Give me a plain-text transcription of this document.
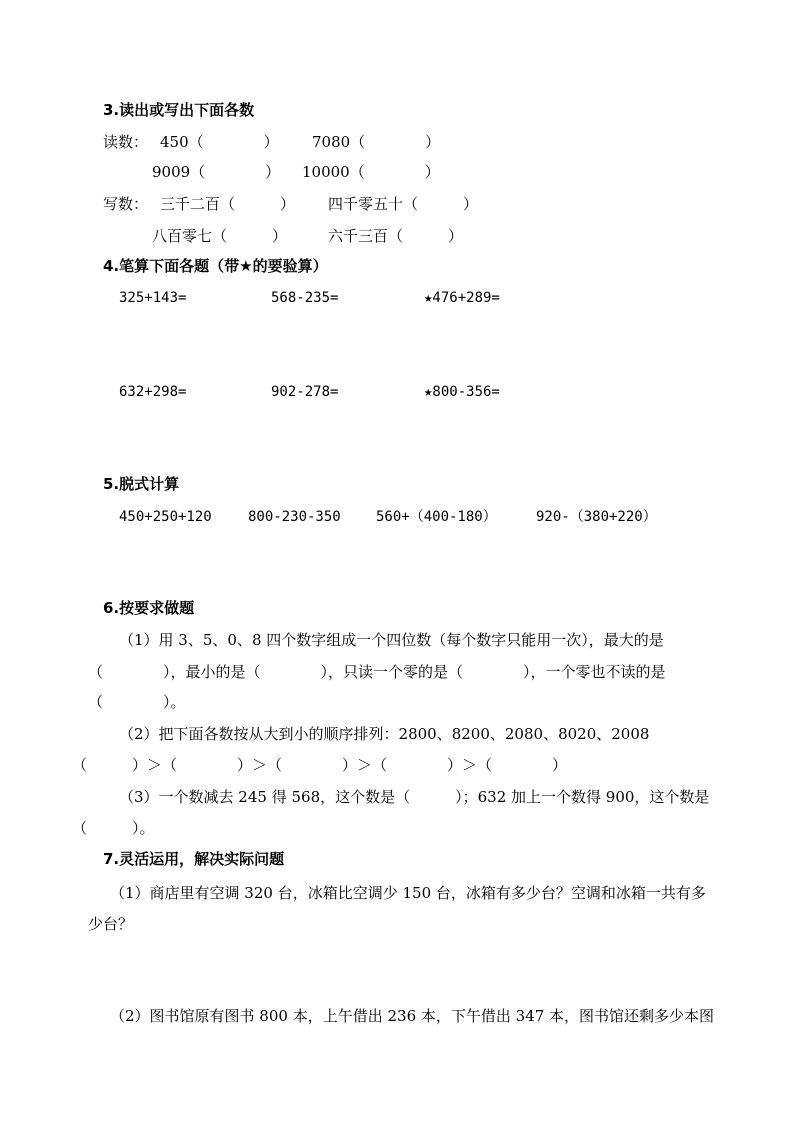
3.读出或写出下面各数
读数： 450（　　　　） 7080（　　　　）
9009（　　　　） 10000（　　　　）
写数： 三千二百（　　　） 四千零五十（　　　）
八百零七（　　　）	六千三百（　　　）
4.笔算下面各题（带★的要验算）
325+143=	568-235=	★476+289=
632+298=	902-278=	★800-356=
5.脱式计算
450+250+120	800-230-350	560+（400-180）	920-（380+220）
6.按要求做题
（1）用 3、5、0、8 四个数字组成一个四位数（每个数字只能用一次），最大的是
（　　　　），最小的是（　　　　），只读一个零的是（　　　　），一个零也不读的是
（　　　　）。
（2）把下面各数按从大到小的顺序排列：2800、8200、2080、8020、2008
（　　　）＞（　　　　）＞（　　　　）＞（　　　　）＞（　　　　）
（3）一个数减去 245 得 568，这个数是（　　　）；632 加上一个数得 900，这个数是
（　　　）。
7.灵活运用，解决实际问题
（1）商店里有空调 320 台，冰箱比空调少 150 台，冰箱有多少台？空调和冰箱一共有多
少台？
（2）图书馆原有图书 800 本，上午借出 236 本，下午借出 347 本，图书馆还剩多少本图
